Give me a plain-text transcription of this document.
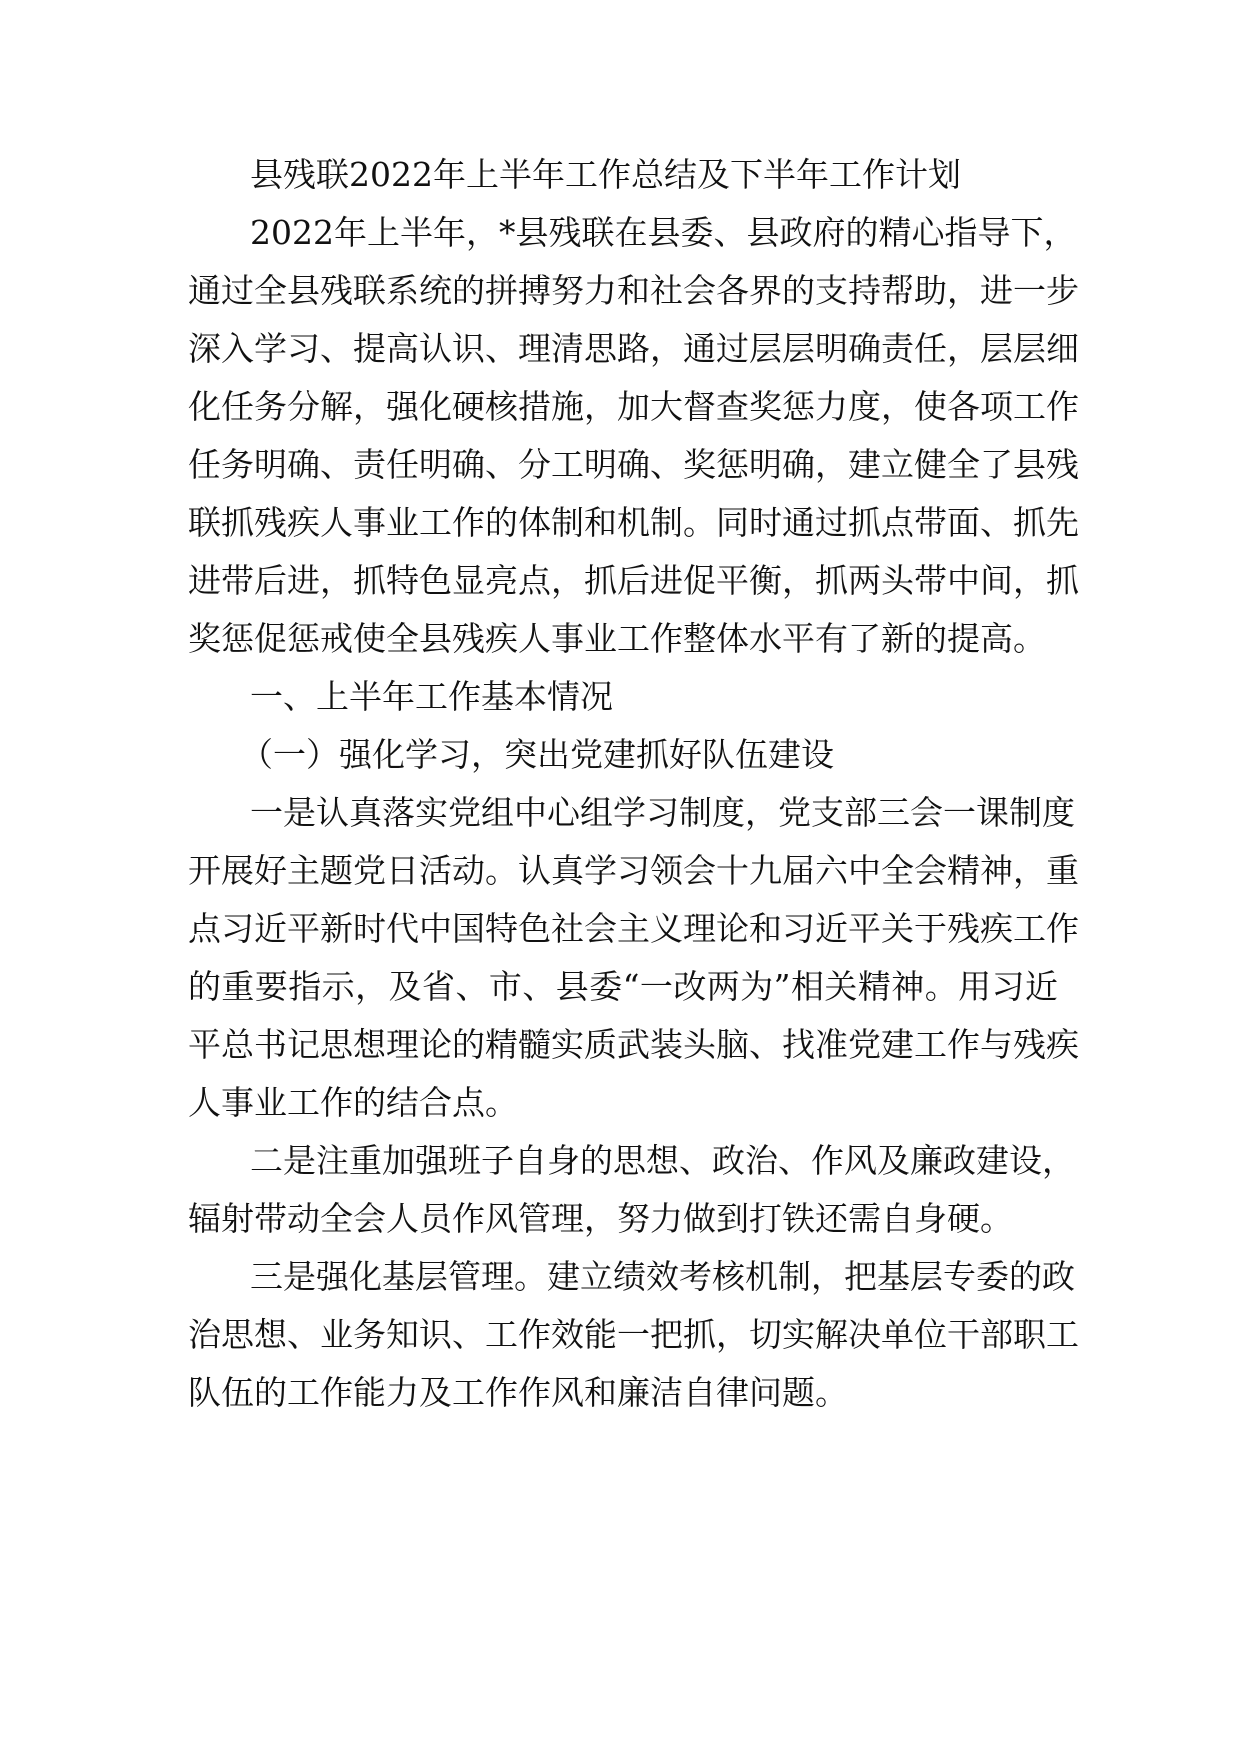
县残联2022年上半年工作总结及下半年工作计划
2022年上半年，*县残联在县委、县政府的精心指导下，
通过全县残联系统的拼搏努力和社会各界的支持帮助，进一步
深入学习、提高认识、理清思路，通过层层明确责任，层层细
化任务分解，强化硬核措施，加大督查奖惩力度，使各项工作
任务明确、责任明确、分工明确、奖惩明确，建立健全了县残
联抓残疾人事业工作的体制和机制。同时通过抓点带面、抓先
进带后进，抓特色显亮点，抓后进促平衡，抓两头带中间，抓
奖惩促惩戒使全县残疾人事业工作整体水平有了新的提高。
一、上半年工作基本情况
（一）强化学习，突出党建抓好队伍建设
一是认真落实党组中心组学习制度，党支部三会一课制度
开展好主题党日活动。认真学习领会十九届六中全会精神，重
点习近平新时代中国特色社会主义理论和习近平关于残疾工作
的重要指示，及省、市、县委“一改两为”相关精神。用习近
平总书记思想理论的精髓实质武装头脑、找准党建工作与残疾
人事业工作的结合点。
二是注重加强班子自身的思想、政治、作风及廉政建设，
辐射带动全会人员作风管理，努力做到打铁还需自身硬。
三是强化基层管理。建立绩效考核机制，把基层专委的政
治思想、业务知识、工作效能一把抓，切实解决单位干部职工
队伍的工作能力及工作作风和廉洁自律问题。
